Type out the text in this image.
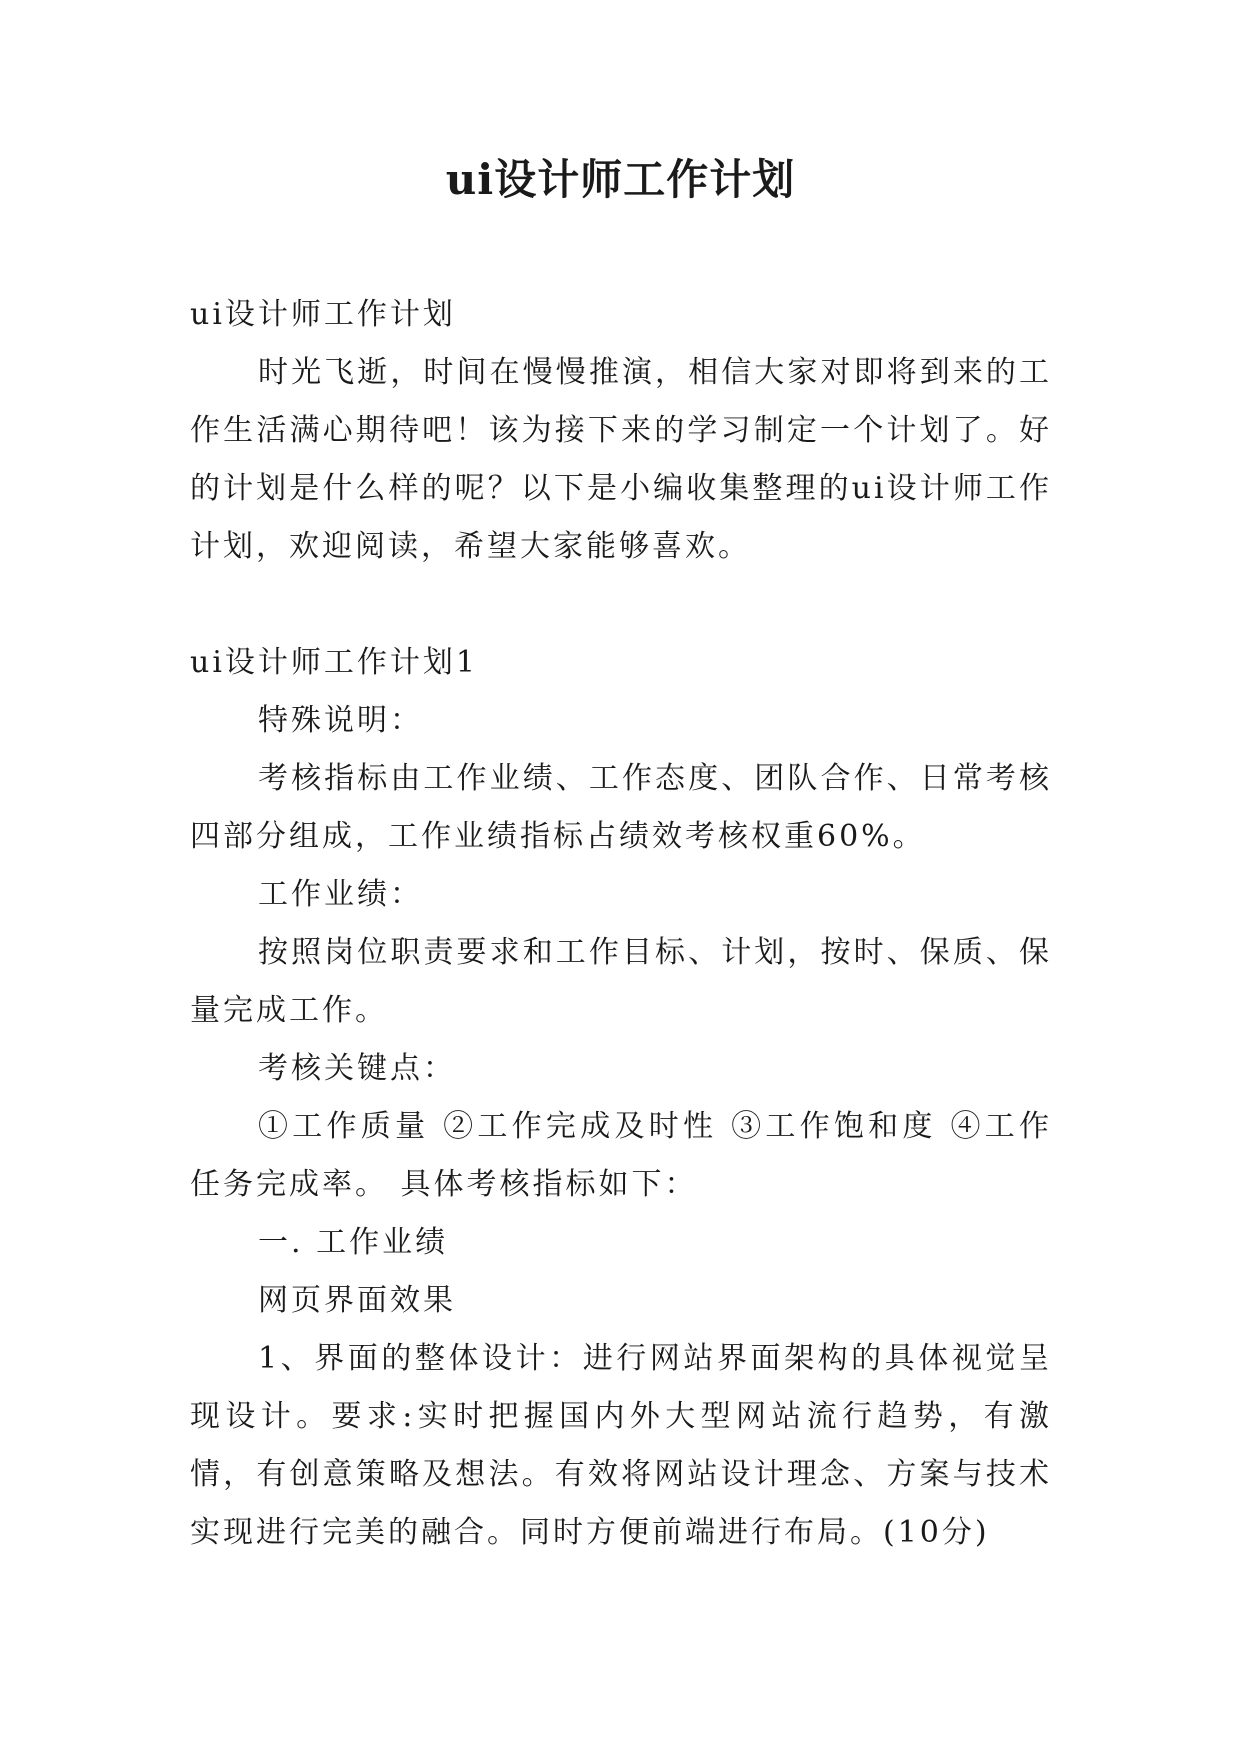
ui设计师工作计划

ui设计师工作计划

时光飞逝，时间在慢慢推演，相信大家对即将到来的工作生活满心期待吧！该为接下来的学习制定一个计划了。好的计划是什么样的呢？以下是小编收集整理的ui设计师工作计划，欢迎阅读，希望大家能够喜欢。

ui设计师工作计划1

特殊说明：

考核指标由工作业绩、工作态度、团队合作、日常考核四部分组成，工作业绩指标占绩效考核权重60%。

工作业绩：

按照岗位职责要求和工作目标、计划，按时、保质、保量完成工作。

考核关键点：

①工作质量 ②工作完成及时性 ③工作饱和度 ④工作任务完成率。 具体考核指标如下：

一. 工作业绩

网页界面效果

1、界面的整体设计：进行网站界面架构的具体视觉呈现设计。要求:实时把握国内外大型网站流行趋势，有激情，有创意策略及想法。有效将网站设计理念、方案与技术实现进行完美的融合。同时方便前端进行布局。(10分)
